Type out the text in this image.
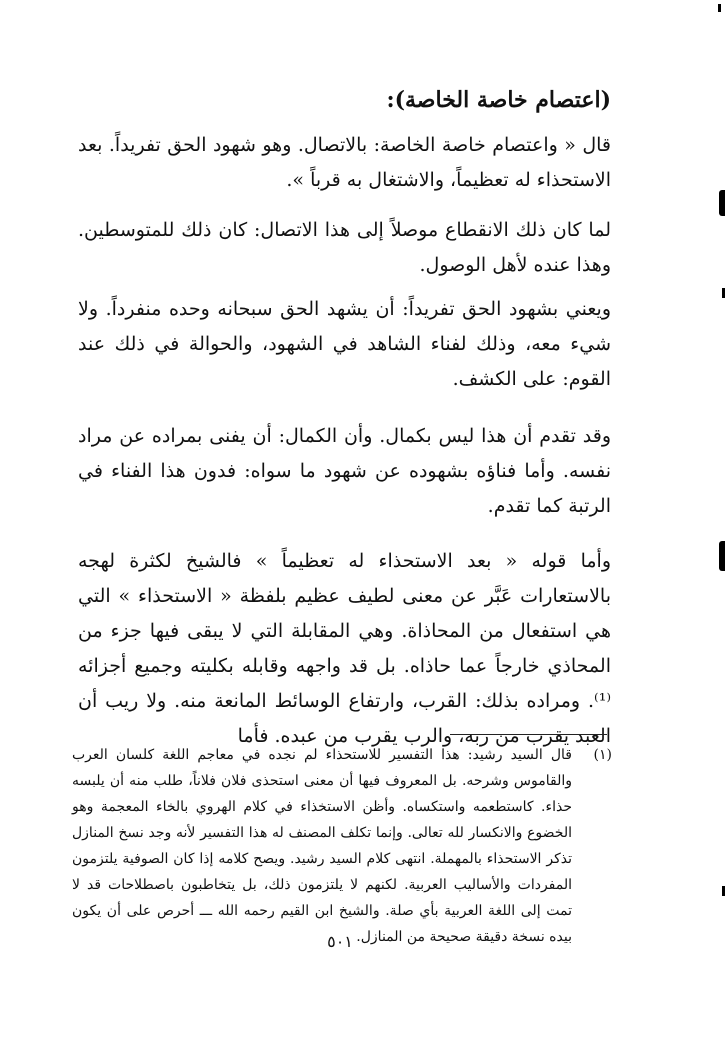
(اعتصام خاصة الخاصة):
قال « واعتصام خاصة الخاصة: بالاتصال. وهو شهود الحق تفريداً. بعد الاستحذاء له تعظيماً، والاشتغال به قرباً ».
لما كان ذلك الانقطاع موصلاً إلى هذا الاتصال: كان ذلك للمتوسطين. وهذا عنده لأهل الوصول.
ويعني بشهود الحق تفريداً: أن يشهد الحق سبحانه وحده منفرداً. ولا شيء معه، وذلك لفناء الشاهد في الشهود، والحوالة في ذلك عند القوم: على الكشف.
وقد تقدم أن هذا ليس بكمال. وأن الكمال: أن يفنى بمراده عن مراد نفسه. وأما فناؤه بشهوده عن شهود ما سواه: فدون هذا الفناء في الرتبة كما تقدم.
وأما قوله « بعد الاستحذاء له تعظيماً » فالشيخ لكثرة لهجه بالاستعارات عَبَّر عن معنى لطيف عظيم بلفظة « الاستحذاء » التي هي استفعال من المحاذاة. وهي المقابلة التي لا يبقى فيها جزء من المحاذي خارجاً عما حاذاه. بل قد واجهه وقابله بكليته وجميع أجزائه ⁽¹⁾. ومراده بذلك: القرب، وارتفاع الوسائط المانعة منه. ولا ريب أن العبد يقرب من ربه، والرب يقرب من عبده. فأما
(١)
قال السيد رشيد: هذا التفسير للاستحذاء لم نجده في معاجم اللغة كلسان العرب والقاموس وشرحه. بل المعروف فيها أن معنى استحذى فلان فلاناً، طلب منه أن يلبسه حذاء. كاستطعمه واستكساه. وأظن الاستخذاء في كلام الهروي بالخاء المعجمة وهو الخضوع والانكسار لله تعالى. وإنما تكلف المصنف له هذا التفسير لأنه وجد نسخ المنازل تذكر الاستحذاء بالمهملة. انتهى كلام السيد رشيد. ويصح كلامه إذا كان الصوفية يلتزمون المفردات والأساليب العربية. لكنهم لا يلتزمون ذلك، بل يتخاطبون باصطلاحات قد لا تمت إلى اللغة العربية بأي صلة. والشيخ ابن القيم رحمه الله ـــ أحرص على أن يكون بيده نسخة دقيقة صحيحة من المنازل.
٥٠١
